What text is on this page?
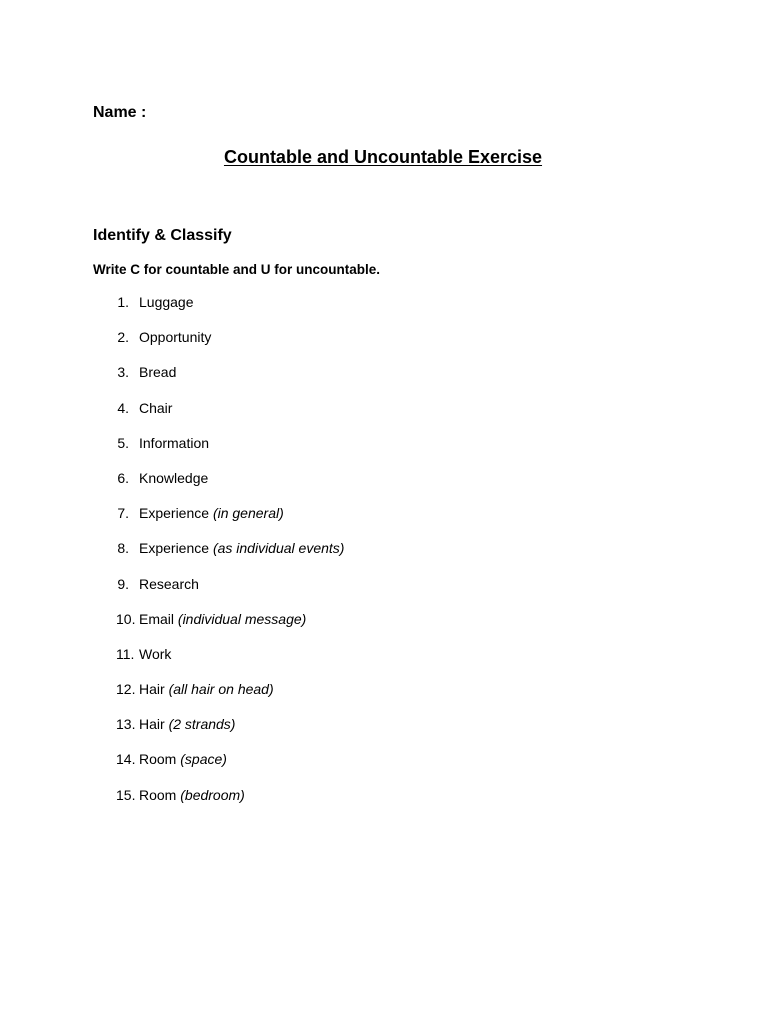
Name :
Countable and Uncountable Exercise
Identify & Classify
Write C for countable and U for uncountable.
1. Luggage
2. Opportunity
3. Bread
4. Chair
5. Information
6. Knowledge
7. Experience (in general)
8. Experience (as individual events)
9. Research
10. Email (individual message)
11. Work
12. Hair (all hair on head)
13. Hair (2 strands)
14. Room (space)
15. Room (bedroom)
